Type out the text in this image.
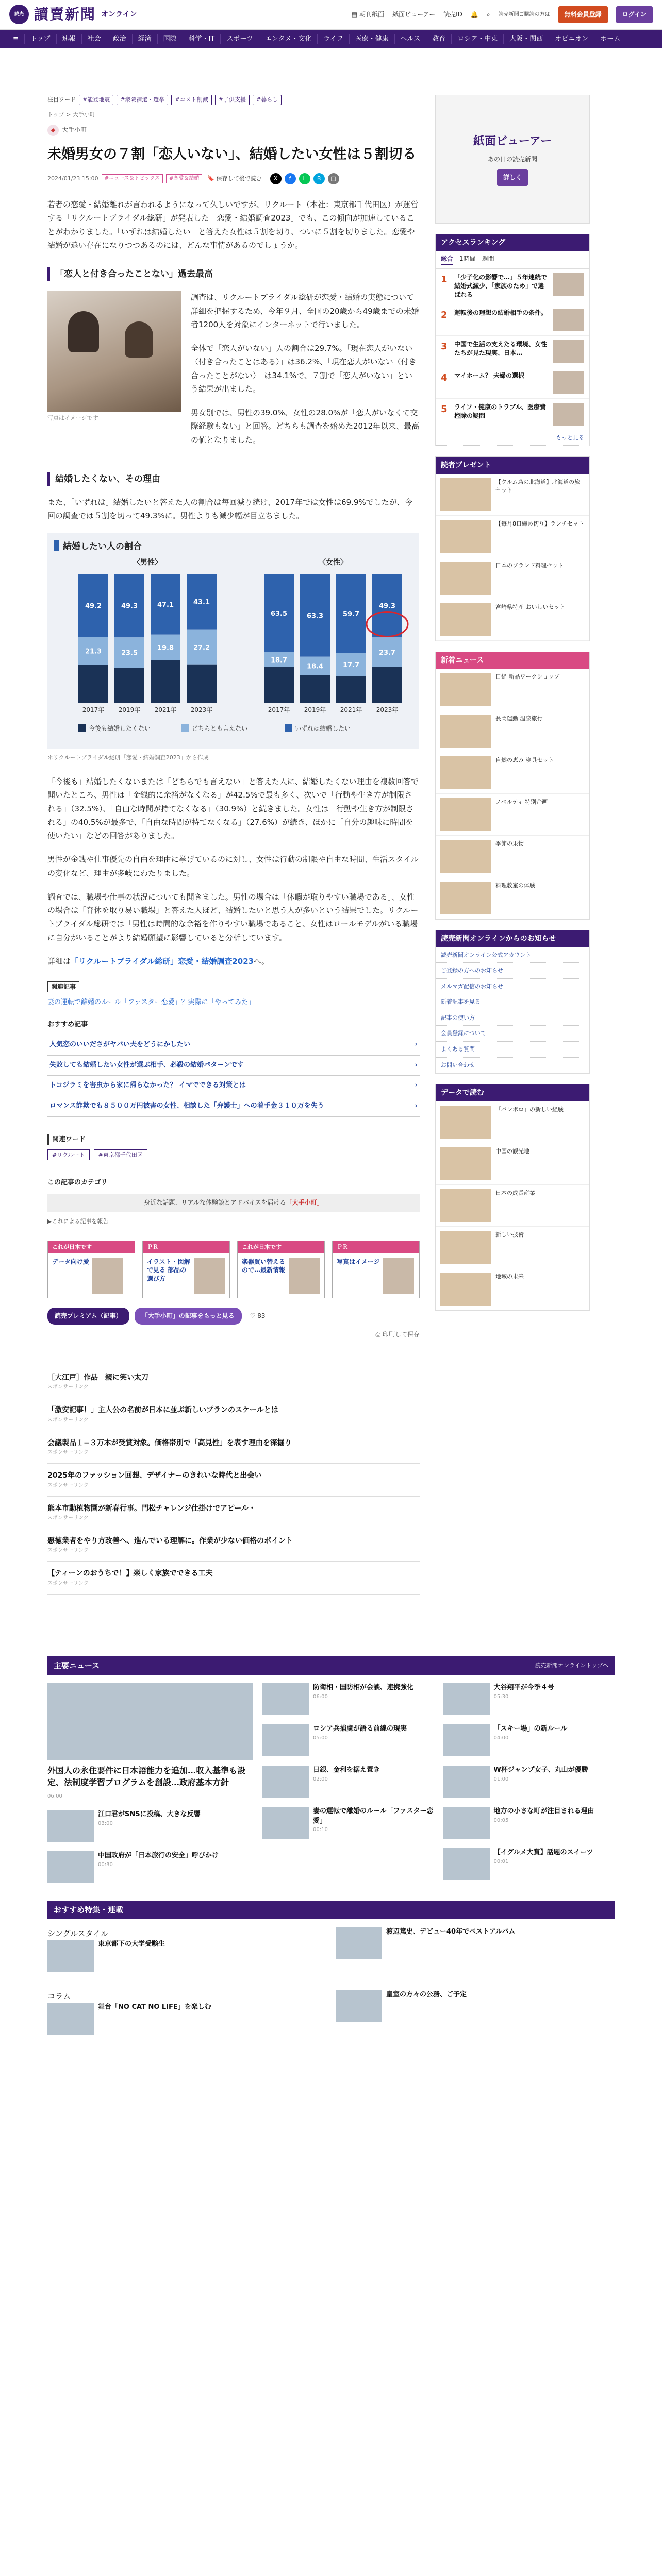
読売 讀賣新聞 オンライン	▤ 朝刊紙面 紙面ビューアー 読売ID 🔔 ⌕ 読売新聞ご購読の方は	無料会員登録	ログイン
≡	トップ	速報	社会	政治	経済	国際	科学・IT	スポーツ	エンタメ・文化	ライフ	医療・健康	ヘルス	教育	ロシア・中東	大阪・関西	オピニオン	ホーム
注目ワード	#能登地震	#衆院補選・選挙	#コスト削減	#子供支援	#暮らし
トップ > 大手小町
◆	大手小町
未婚男女の７割「恋人いない」、結婚したい女性は５割切る
2024/01/23 15:00	#ニュース＆トピックス	#恋愛＆結婚	🔖 保存して後で読む	X	f	L	B	□

若者の恋愛・結婚離れが言われるようになって久しいですが、リクルート（本社：東京都千代田区）が運営する「リクルートブライダル総研」が発表した「恋愛・結婚調査2023」でも、この傾向が加速していることがわかりました。「いずれは結婚したい」と答えた女性は５割を切り、ついに５割を切りました。恋愛や結婚が遠い存在になりつつあるのには、どんな事情があるのでしょうか。

「恋人と付き合ったことない」過去最高
写真はイメージです

調査は、リクルートブライダル総研が恋愛・結婚の実態について詳細を把握するため、今年９月、全国の20歳から49歳までの未婚者1200人を対象にインターネットで行いました。

全体で「恋人がいない」人の割合は29.7%。「現在恋人がいない（付き合ったことはある）」は36.2%、「現在恋人がいない（付き合ったことがない）」は34.1%で、７割で「恋人がいない」という結果が出ました。

男女別では、男性の39.0%、女性の28.0%が「恋人がいなくて交際経験もない」と回答。どちらも調査を始めた2012年以来、最高の値となりました。

結婚したくない、その理由

また、「いずれは」結婚したいと答えた人の割合は毎回減り続け、2017年では女性は69.9%でしたが、今回の調査では５割を切って49.3%に。男性よりも減少幅が目立ちました。

結婚したい人の割合
〈男性〉
49.2
21.3
2017年
49.3
23.5
2019年
47.1
19.8
2021年
43.1
27.2
2023年
〈女性〉
63.5
18.7
2017年
63.3
18.4
2019年
59.7
17.7
2021年
49.3
23.7
2023年
今後も結婚したくない	どちらとも言えない	いずれは結婚したい
＊リクルートブライダル総研「恋愛・結婚調査2023」から作成

「今後も」結婚したくないまたは「どちらでも言えない」と答えた人に、結婚したくない理由を複数回答で聞いたところ、男性は「金銭的に余裕がなくなる」が42.5%で最も多く、次いで「行動や生き方が制限される」（32.5%）、「自由な時間が持てなくなる」（30.9%）と続きました。女性は「行動や生き方が制限される」の40.5%が最多で、「自由な時間が持てなくなる」（27.6%）が続き、ほかに「自分の趣味に時間を使いたい」などの回答がありました。

男性が金銭や仕事優先の自由を理由に挙げているのに対し、女性は行動の制限や自由な時間、生活スタイルの変化など、理由が多岐にわたりました。

調査では、職場や仕事の状況についても聞きました。男性の場合は「休暇が取りやすい職場である」、女性の場合は「育休を取り易い職場」と答えた人ほど、結婚したいと思う人が多いという結果でした。リクルートブライダル総研では「男性は時間的な余裕を作りやすい職場であること、女性はロールモデルがいる職場に自分がいることがより結婚願望に影響していると分析しています。

詳細は「リクルートブライダル総研」恋愛・結婚調査2023へ。

関連記事
妻の運転で離婚のルール「ファスター恋愛」？実際に「やってみた」
おすすめ記事
人気恋のいいださがヤバい夫をどうにかしたい	›
失敗しても結婚したい女性が選ぶ相手、必殺の結婚パターンです	›
トコジラミを害虫から家に帰らなかった？ イマでできる対策とは	›
ロマンス詐欺でも８５００万円被害の女性、相談した「弁護士」への着手金３１０万を失う	›
関連ワード
#リクルート	#東京都千代田区
この記事のカテゴリ
身近な話題、リアルな体験談とアドバイスを届ける「大手小町」
▶これによる記事を報告
これが日本です
データ向け愛
ＰＲ
イラスト・図解で見る 部品の選び方
これが日本です
楽器買い替えるので…最新情報
ＰＲ
写真はイメージ
読売プレミアム（記事）	「大手小町」の記事をもっと見る	♡ 83
⎙ 印刷して保存
［大江戸］作品　親に笑い太刀
スポンサーリンク
「激安記事！」主人公の名前が日本に並ぶ新しいプランのスケールとは
スポンサーリンク
会議製品１−３万本が受賞対象。価格帯別で「高見性」を表す理由を深掘り
スポンサーリンク
2025年のファッション回想、デザイナーのきれいな時代と出会い
スポンサーリンク
熊本市動植物園が新春行事。門松チャレンジ仕掛けでアピール・
スポンサーリンク
悪徳業者をやり方改善へ、進んでいる理解に。作業が少ない価格のポイント
スポンサーリンク
【ティーンのおうちで！】楽しく家族でできる工夫
スポンサーリンク
紙面ビューアー
あの日の読売新聞
詳しく
アクセスランキング
総合 1時間 週間
1	「少子化の影響で…」５年連続で結婚式減少、「家族のため」で選ばれる
2	運転後の理想の結婚相手の条件。
3	中国で生活の支えたる環境、女性たちが見た現実、日本…
4	マイホーム？ 夫婦の選択
5	ライフ・健康のトラブル、医療費控除の疑問
もっと見る
読者プレゼント
【クルム島の北海道】北海道の旅セット
【毎月8日締め切り】ランチセット
日本のブランド料理セット
宮崎県特産 おいしいセット
新着ニュース
日経 新品ワークショップ
長岡運動 温泉旅行
自然の恵み 寝具セット
ノベルティ 特別企画
季節の果物
料理教室の体験
読売新聞オンラインからのお知らせ
読売新聞オンライン公式アカウント
ご登録の方へのお知らせ
メルマガ配信のお知らせ
新着記事を見る
記事の使い方
会員登録について
よくある質問
お問い合わせ
データで読む
「バンポロ」の新しい経験
中国の観光地
日本の成長産業
新しい技術
地域の未来
主要ニュース	読売新聞オンライントップへ
外国人の永住要件に日本語能力を追加…収入基準も設定、法制度学習プログラムを創設…政府基本方針
06:00
江口君がSNSに投稿、大きな反響
03:00
中国政府が「日本旅行の安全」呼びかけ
00:30
防衛相・国防相が会談、連携強化
06:00
ロシア兵捕虜が語る前線の現実
05:00
日銀、金利を据え置き
02:00
妻の運転で離婚のルール「ファスター恋愛」
00:10
大谷翔平が今季４号
05:30
「スキー場」の新ルール
04:00
W杯ジャンプ女子、丸山が優勝
01:00
地方の小さな町が注目される理由
00:05
【イグルメ大賞】話題のスイーツ
00:01
おすすめ特集・連載
シングルスタイル
東京都下の大学受験生
渡辺篤史、デビュー40年でベストアルバム
コラム
舞台「NO CAT NO LIFE」を楽しむ
皇室の方々の公務、ご予定
